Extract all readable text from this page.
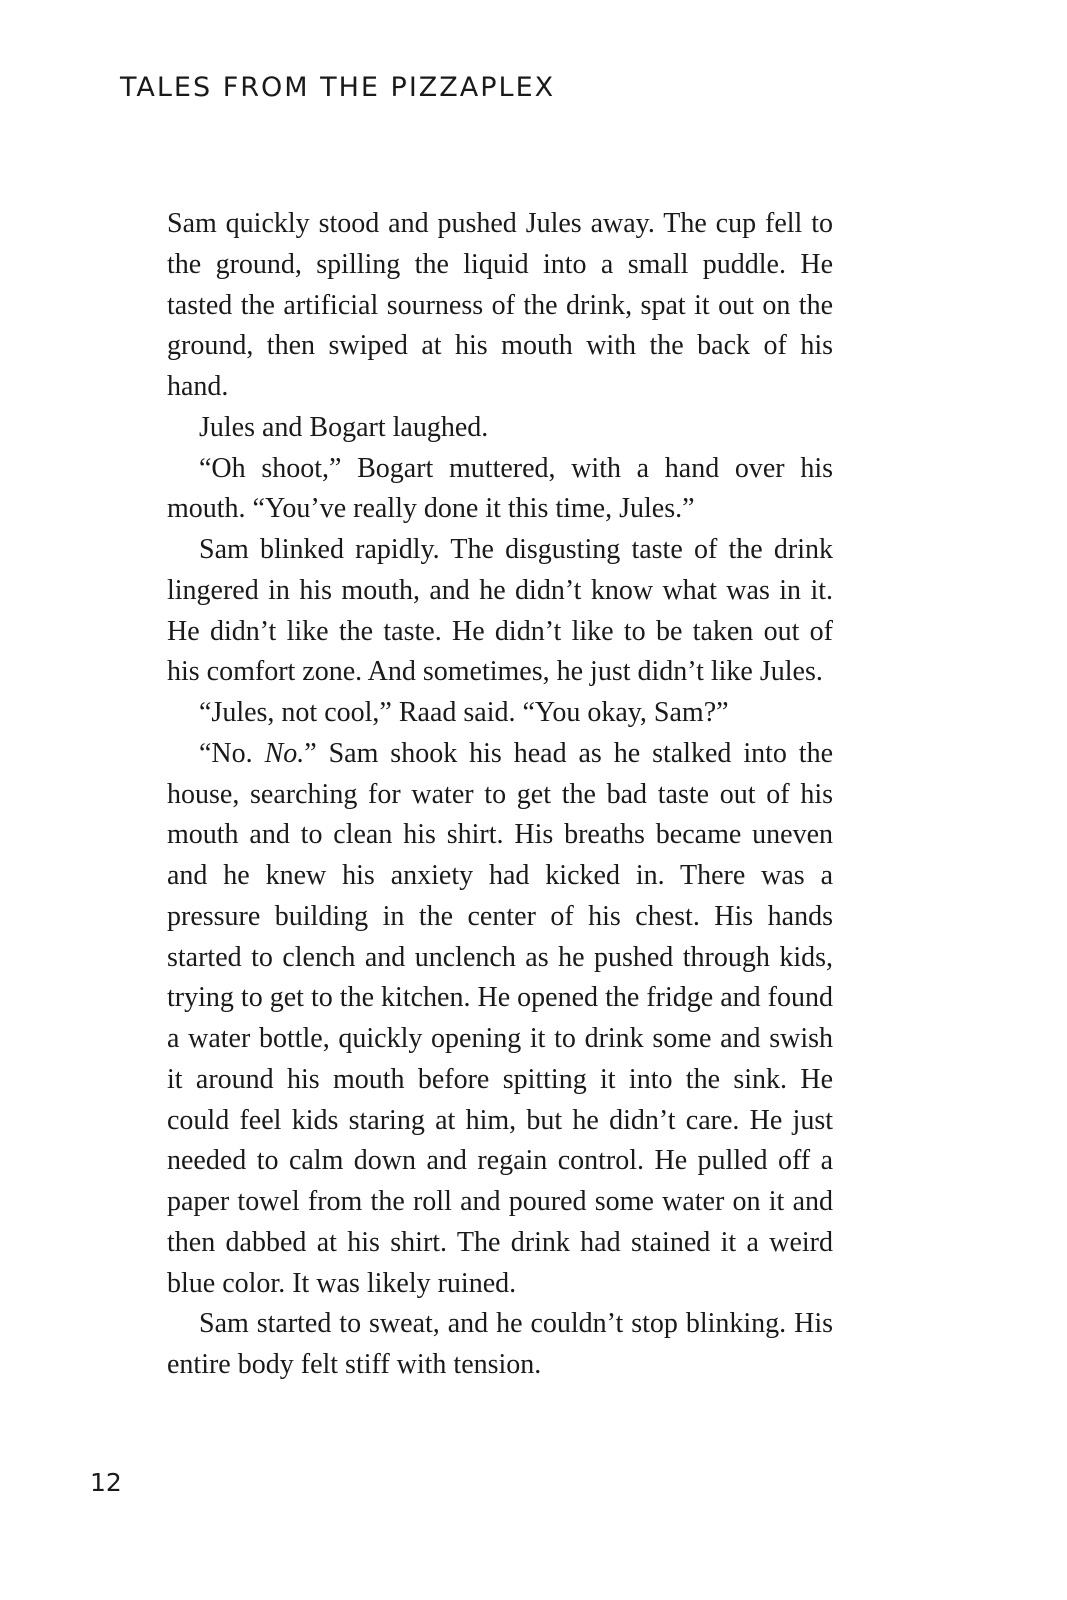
TALES FROM THE PIZZAPLEX

Sam quickly stood and pushed Jules away. The cup fell to the ground, spilling the liquid into a small puddle. He tasted the artificial sourness of the drink, spat it out on the ground, then swiped at his mouth with the back of his hand.

Jules and Bogart laughed.

“Oh shoot,” Bogart muttered, with a hand over his mouth. “You’ve really done it this time, Jules.”

Sam blinked rapidly. The disgusting taste of the drink lingered in his mouth, and he didn’t know what was in it. He didn’t like the taste. He didn’t like to be taken out of his comfort zone. And sometimes, he just didn’t like Jules.

“Jules, not cool,” Raad said. “You okay, Sam?”

“No. No.” Sam shook his head as he stalked into the house, searching for water to get the bad taste out of his mouth and to clean his shirt. His breaths became uneven and he knew his anxiety had kicked in. There was a pressure building in the center of his chest. His hands started to clench and unclench as he pushed through kids, trying to get to the kitchen. He opened the fridge and found a water bottle, quickly opening it to drink some and swish it around his mouth before spitting it into the sink. He could feel kids staring at him, but he didn’t care. He just needed to calm down and regain control. He pulled off a paper towel from the roll and poured some water on it and then dabbed at his shirt. The drink had stained it a weird blue color. It was likely ruined.

Sam started to sweat, and he couldn’t stop blinking. His entire body felt stiff with tension.

12
